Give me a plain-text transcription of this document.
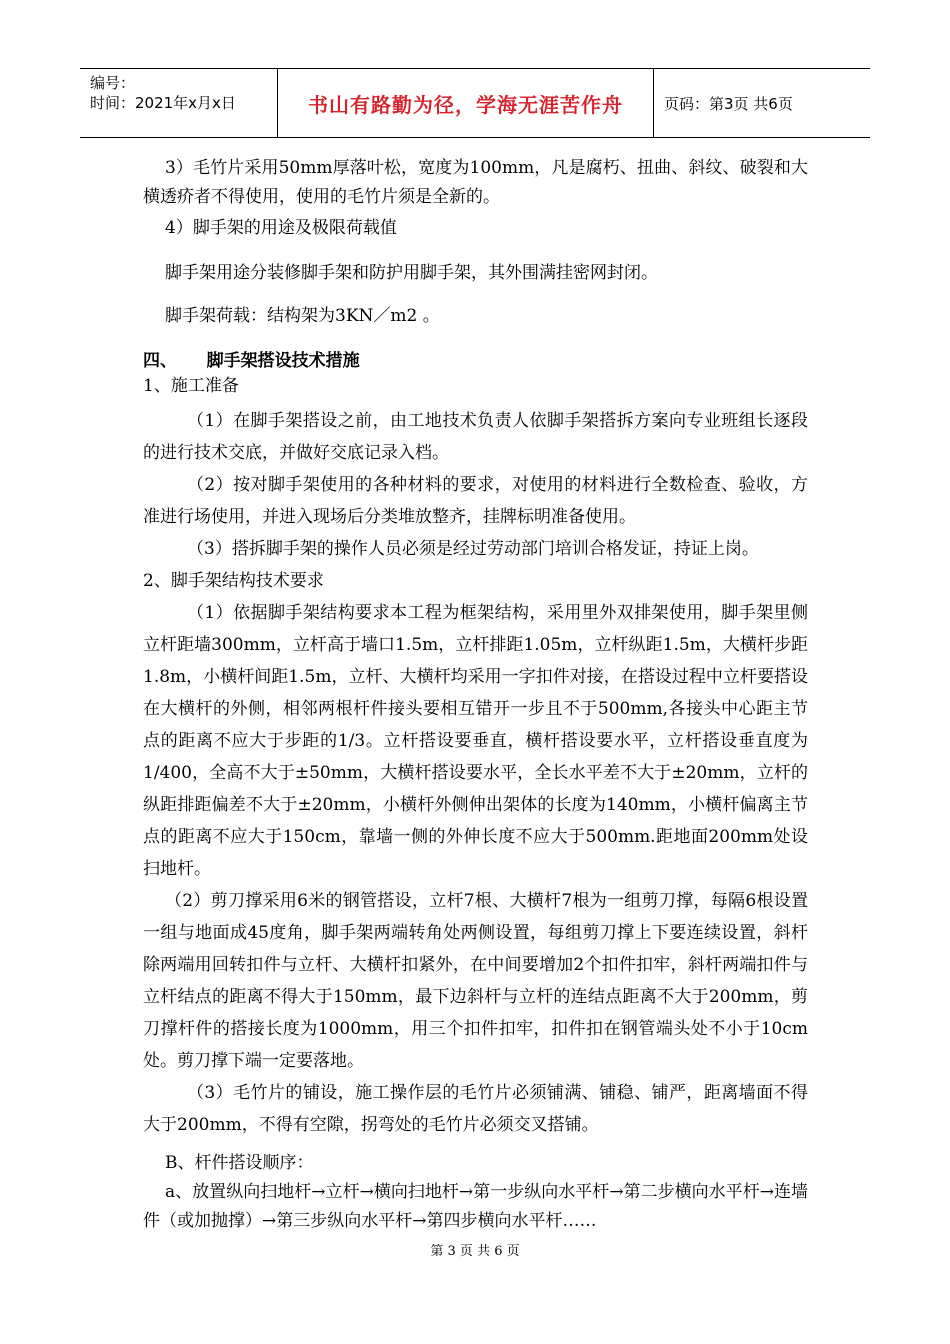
编号：
时间：2021年x月x日	书山有路勤为径，学海无涯苦作舟	页码：第3页 共6页

3）毛竹片采用50mm厚落叶松，宽度为100mm，凡是腐朽、扭曲、斜纹、破裂和大横透疥者不得使用，使用的毛竹片须是全新的。

4）脚手架的用途及极限荷载值

脚手架用途分装修脚手架和防护用脚手架，其外围满挂密网封闭。

脚手架荷载：结构架为3KN／m2 。

四、     脚手架搭设技术措施

1、施工准备

（1）在脚手架搭设之前，由工地技术负责人依脚手架搭拆方案向专业班组长逐段的进行技术交底，并做好交底记录入档。

（2）按对脚手架使用的各种材料的要求，对使用的材料进行全数检查、验收，方准进行场使用，并进入现场后分类堆放整齐，挂牌标明准备使用。

（3）搭拆脚手架的操作人员必须是经过劳动部门培训合格发证，持证上岗。

2、脚手架结构技术要求

（1）依据脚手架结构要求本工程为框架结构，采用里外双排架使用，脚手架里侧立杆距墙300mm，立杆高于墙口1.5m，立杆排距1.05m，立杆纵距1.5m，大横杆步距1.8m，小横杆间距1.5m，立杆、大横杆均采用一字扣件对接，在搭设过程中立杆要搭设在大横杆的外侧，相邻两根杆件接头要相互错开一步且不于500mm,各接头中心距主节点的距离不应大于步距的1/3。立杆搭设要垂直，横杆搭设要水平，立杆搭设垂直度为1/400，全高不大于±50mm，大横杆搭设要水平，全长水平差不大于±20mm，立杆的纵距排距偏差不大于±20mm，小横杆外侧伸出架体的长度为140mm，小横杆偏离主节点的距离不应大于150cm，靠墙一侧的外伸长度不应大于500mm.距地面200mm处设扫地杆。

（2）剪刀撑采用6米的钢管搭设，立杆7根、大横杆7根为一组剪刀撑，每隔6根设置一组与地面成45度角，脚手架两端转角处两侧设置，每组剪刀撑上下要连续设置，斜杆除两端用回转扣件与立杆、大横杆扣紧外，在中间要增加2个扣件扣牢，斜杆两端扣件与立杆结点的距离不得大于150mm，最下边斜杆与立杆的连结点距离不大于200mm，剪刀撑杆件的搭接长度为1000mm，用三个扣件扣牢，扣件扣在钢管端头处不小于10cm处。剪刀撑下端一定要落地。

（3）毛竹片的铺设，施工操作层的毛竹片必须铺满、铺稳、铺严，距离墙面不得大于200mm，不得有空隙，拐弯处的毛竹片必须交叉搭铺。

B、杆件搭设顺序：

a、放置纵向扫地杆→立杆→横向扫地杆→第一步纵向水平杆→第二步横向水平杆→连墙件（或加抛撑）→第三步纵向水平杆→第四步横向水平杆……

第 3 页 共 6 页
